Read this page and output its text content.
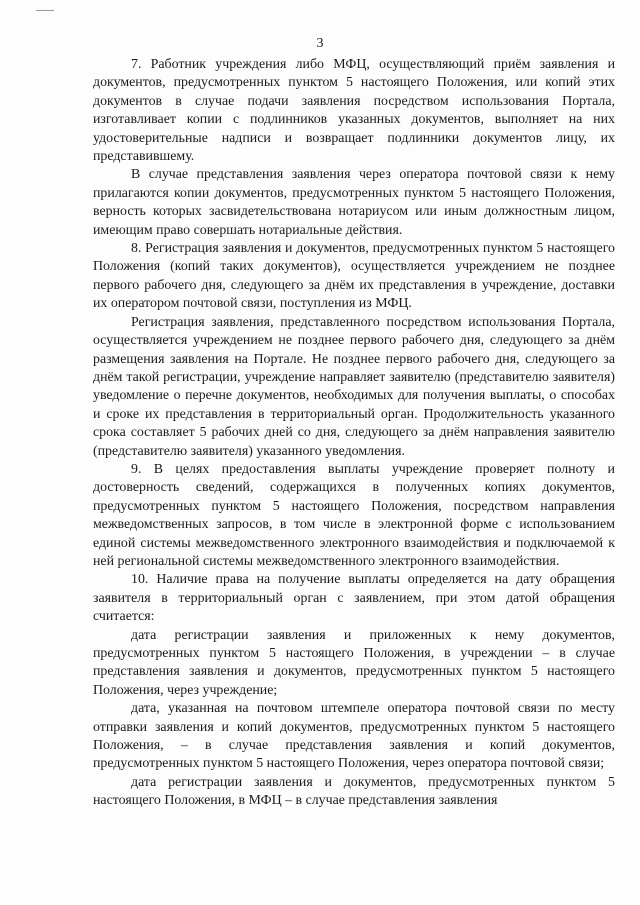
3

7. Работник учреждения либо МФЦ, осуществляющий приём заявления и документов, предусмотренных пунктом 5 настоящего Положения, или копий этих документов в случае подачи заявления посредством использования Портала, изготавливает копии с подлинников указанных документов, выполняет на них удостоверительные надписи и возвращает подлинники документов лицу, их представившему.

В случае представления заявления через оператора почтовой связи к нему прилагаются копии документов, предусмотренных пунктом 5 настоящего Положения, верность которых засвидетельствована нотариусом или иным должностным лицом, имеющим право совершать нотариальные действия.

8. Регистрация заявления и документов, предусмотренных пунктом 5 настоящего Положения (копий таких документов), осуществляется учреждением не позднее первого рабочего дня, следующего за днём их представления в учреждение, доставки их оператором почтовой связи, поступления из МФЦ.

Регистрация заявления, представленного посредством использования Портала, осуществляется учреждением не позднее первого рабочего дня, следующего за днём размещения заявления на Портале. Не позднее первого рабочего дня, следующего за днём такой регистрации, учреждение направляет заявителю (представителю заявителя) уведомление о перечне документов, необходимых для получения выплаты, о способах и сроке их представления в территориальный орган. Продолжительность указанного срока составляет 5 рабочих дней со дня, следующего за днём направления заявителю (представителю заявителя) указанного уведомления.

9. В целях предоставления выплаты учреждение проверяет полноту и достоверность сведений, содержащихся в полученных копиях документов, предусмотренных пунктом 5 настоящего Положения, посредством направления межведомственных запросов, в том числе в электронной форме с использованием единой системы межведомственного электронного взаимодействия и подключаемой к ней региональной системы межведомственного электронного взаимодействия.

10. Наличие права на получение выплаты определяется на дату обращения заявителя в территориальный орган с заявлением, при этом датой обращения считается:

дата регистрации заявления и приложенных к нему документов, предусмотренных пунктом 5 настоящего Положения, в учреждении – в случае представления заявления и документов, предусмотренных пунктом 5 настоящего Положения, через учреждение;

дата, указанная на почтовом штемпеле оператора почтовой связи по месту отправки заявления и копий документов, предусмотренных пунктом 5 настоящего Положения, – в случае представления заявления и копий документов, предусмотренных пунктом 5 настоящего Положения, через оператора почтовой связи;

дата регистрации заявления и документов, предусмотренных пунктом 5 настоящего Положения, в МФЦ – в случае представления заявления
